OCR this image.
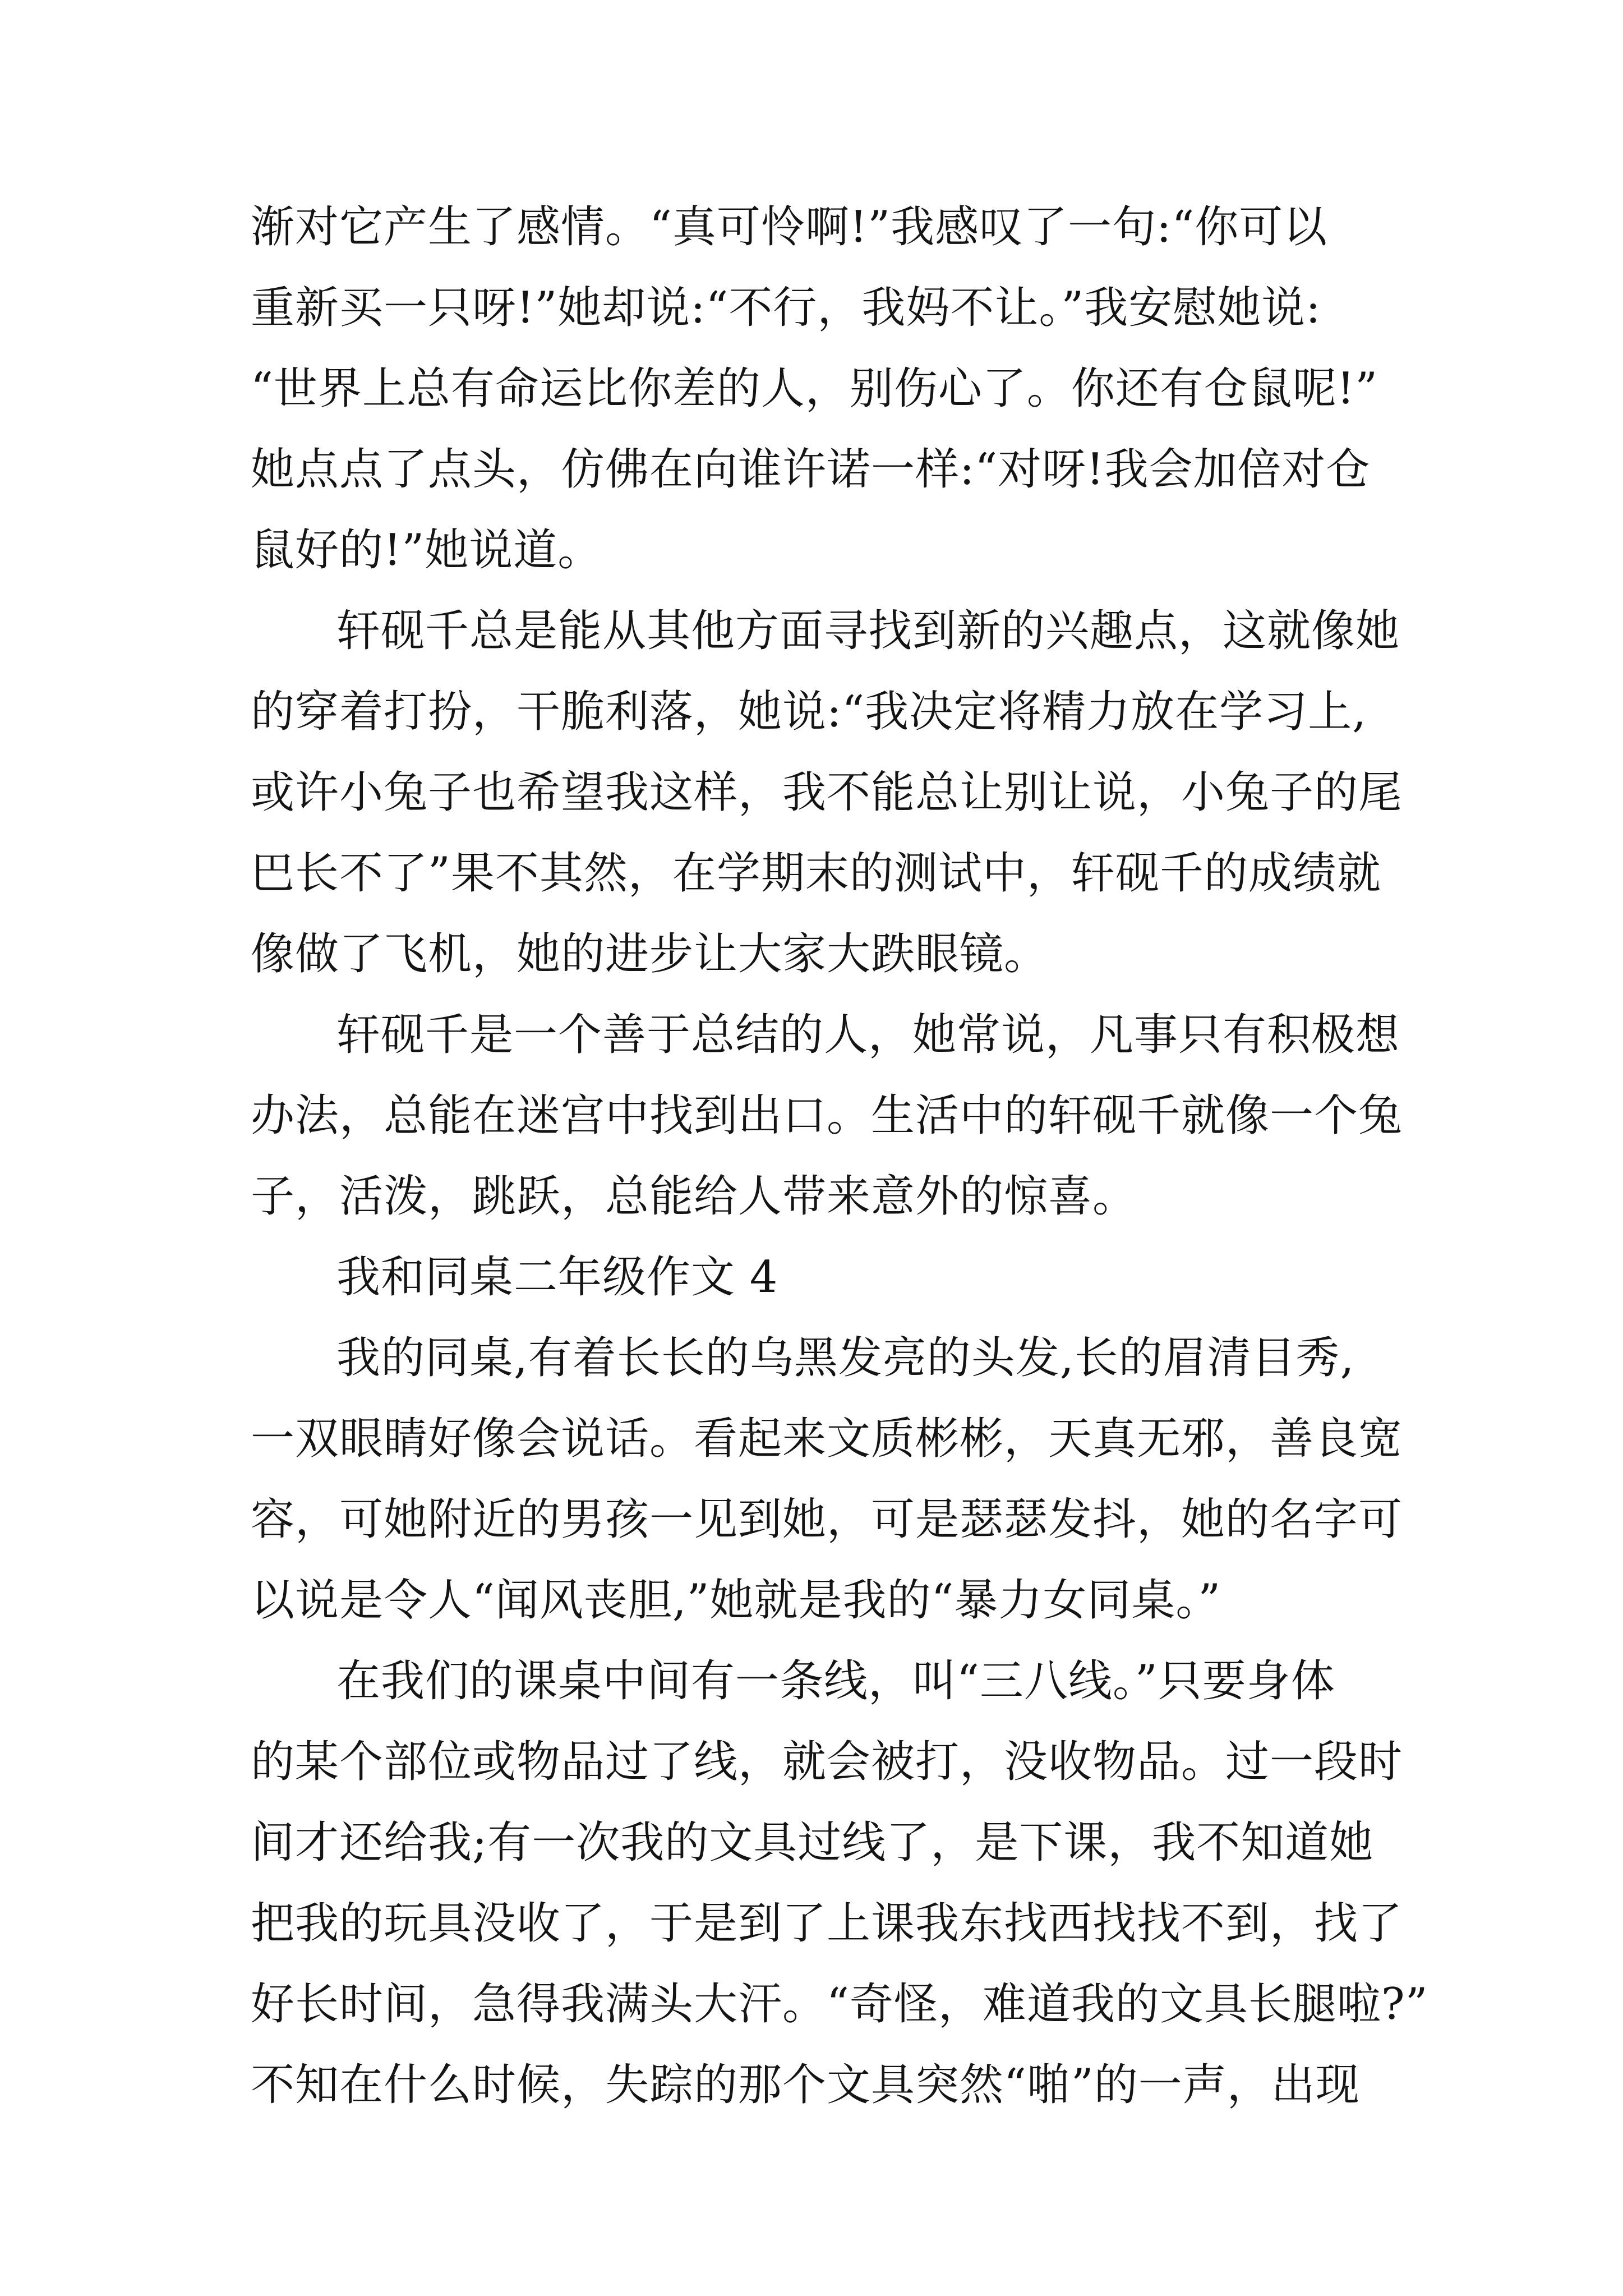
渐对它产生了感情。“真可怜啊!”我感叹了一句:“你可以
重新买一只呀!”她却说:“不行，我妈不让。”我安慰她说:
“世界上总有命运比你差的人，别伤心了。你还有仓鼠呢!”
她点点了点头，仿佛在向谁许诺一样:“对呀!我会加倍对仓
鼠好的!”她说道。
轩砚千总是能从其他方面寻找到新的兴趣点，这就像她
的穿着打扮，干脆利落，她说:“我决定将精力放在学习上,
或许小兔子也希望我这样，我不能总让别让说，小兔子的尾
巴长不了”果不其然，在学期末的测试中，轩砚千的成绩就
像做了飞机，她的进步让大家大跌眼镜。
轩砚千是一个善于总结的人，她常说，凡事只有积极想
办法，总能在迷宫中找到出口。生活中的轩砚千就像一个兔
子，活泼，跳跃，总能给人带来意外的惊喜。
我和同桌二年级作文 4
我的同桌,有着长长的乌黑发亮的头发,长的眉清目秀,
一双眼睛好像会说话。看起来文质彬彬，天真无邪，善良宽
容，可她附近的男孩一见到她，可是瑟瑟发抖，她的名字可
以说是令人“闻风丧胆,”她就是我的“暴力女同桌。”
在我们的课桌中间有一条线，叫“三八线。”只要身体
的某个部位或物品过了线，就会被打，没收物品。过一段时
间才还给我;有一次我的文具过线了，是下课，我不知道她
把我的玩具没收了，于是到了上课我东找西找找不到，找了
好长时间，急得我满头大汗。“奇怪，难道我的文具长腿啦?”
不知在什么时候，失踪的那个文具突然“啪”的一声，出现
